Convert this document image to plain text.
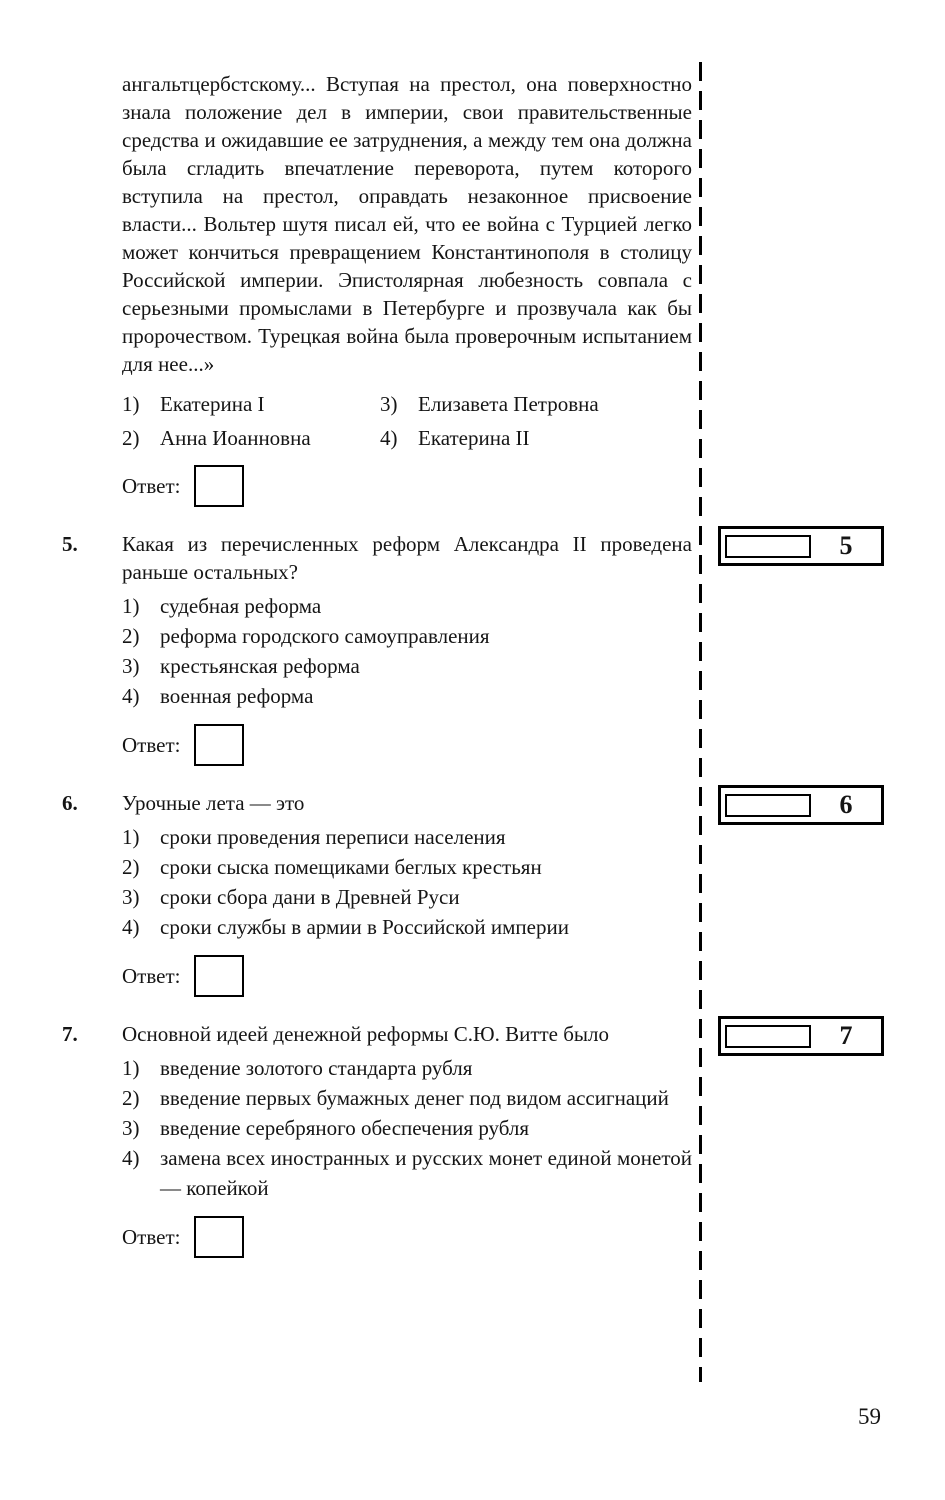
ангальтцербстскому... Вступая на престол, она поверхностно знала положение дел в империи, свои правительственные средства и ожидавшие ее затруднения, а между тем она должна была сгладить впечатление переворота, путем которого вступила на престол, оправдать незаконное присвоение власти... Вольтер шутя писал ей, что ее война с Турцией легко может кончиться превращением Константинополя в столицу Российской империи. Эпистолярная любезность совпала с серьезными промыслами в Петербурге и прозвучала как бы пророчеством. Турецкая война была проверочным испытанием для нее...»
1) Екатерина I
2) Анна Иоанновна
3) Елизавета Петровна
4) Екатерина II
Ответ:
5
5.	Какая из перечисленных реформ Александра II проведена раньше остальных?
1) судебная реформа
2) реформа городского самоуправления
3) крестьянская реформа
4) военная реформа
Ответ:
6
6.	Урочные лета — это
1) сроки проведения переписи населения
2) сроки сыска помещиками беглых крестьян
3) сроки сбора дани в Древней Руси
4) сроки службы в армии в Российской империи
Ответ:
7
7.	Основной идеей денежной реформы С.Ю. Витте было
1) введение золотого стандарта рубля
2) введение первых бумажных денег под видом ассигнаций
3) введение серебряного обеспечения рубля
4) замена всех иностранных и русских монет единой монетой — копейкой
Ответ:
59
